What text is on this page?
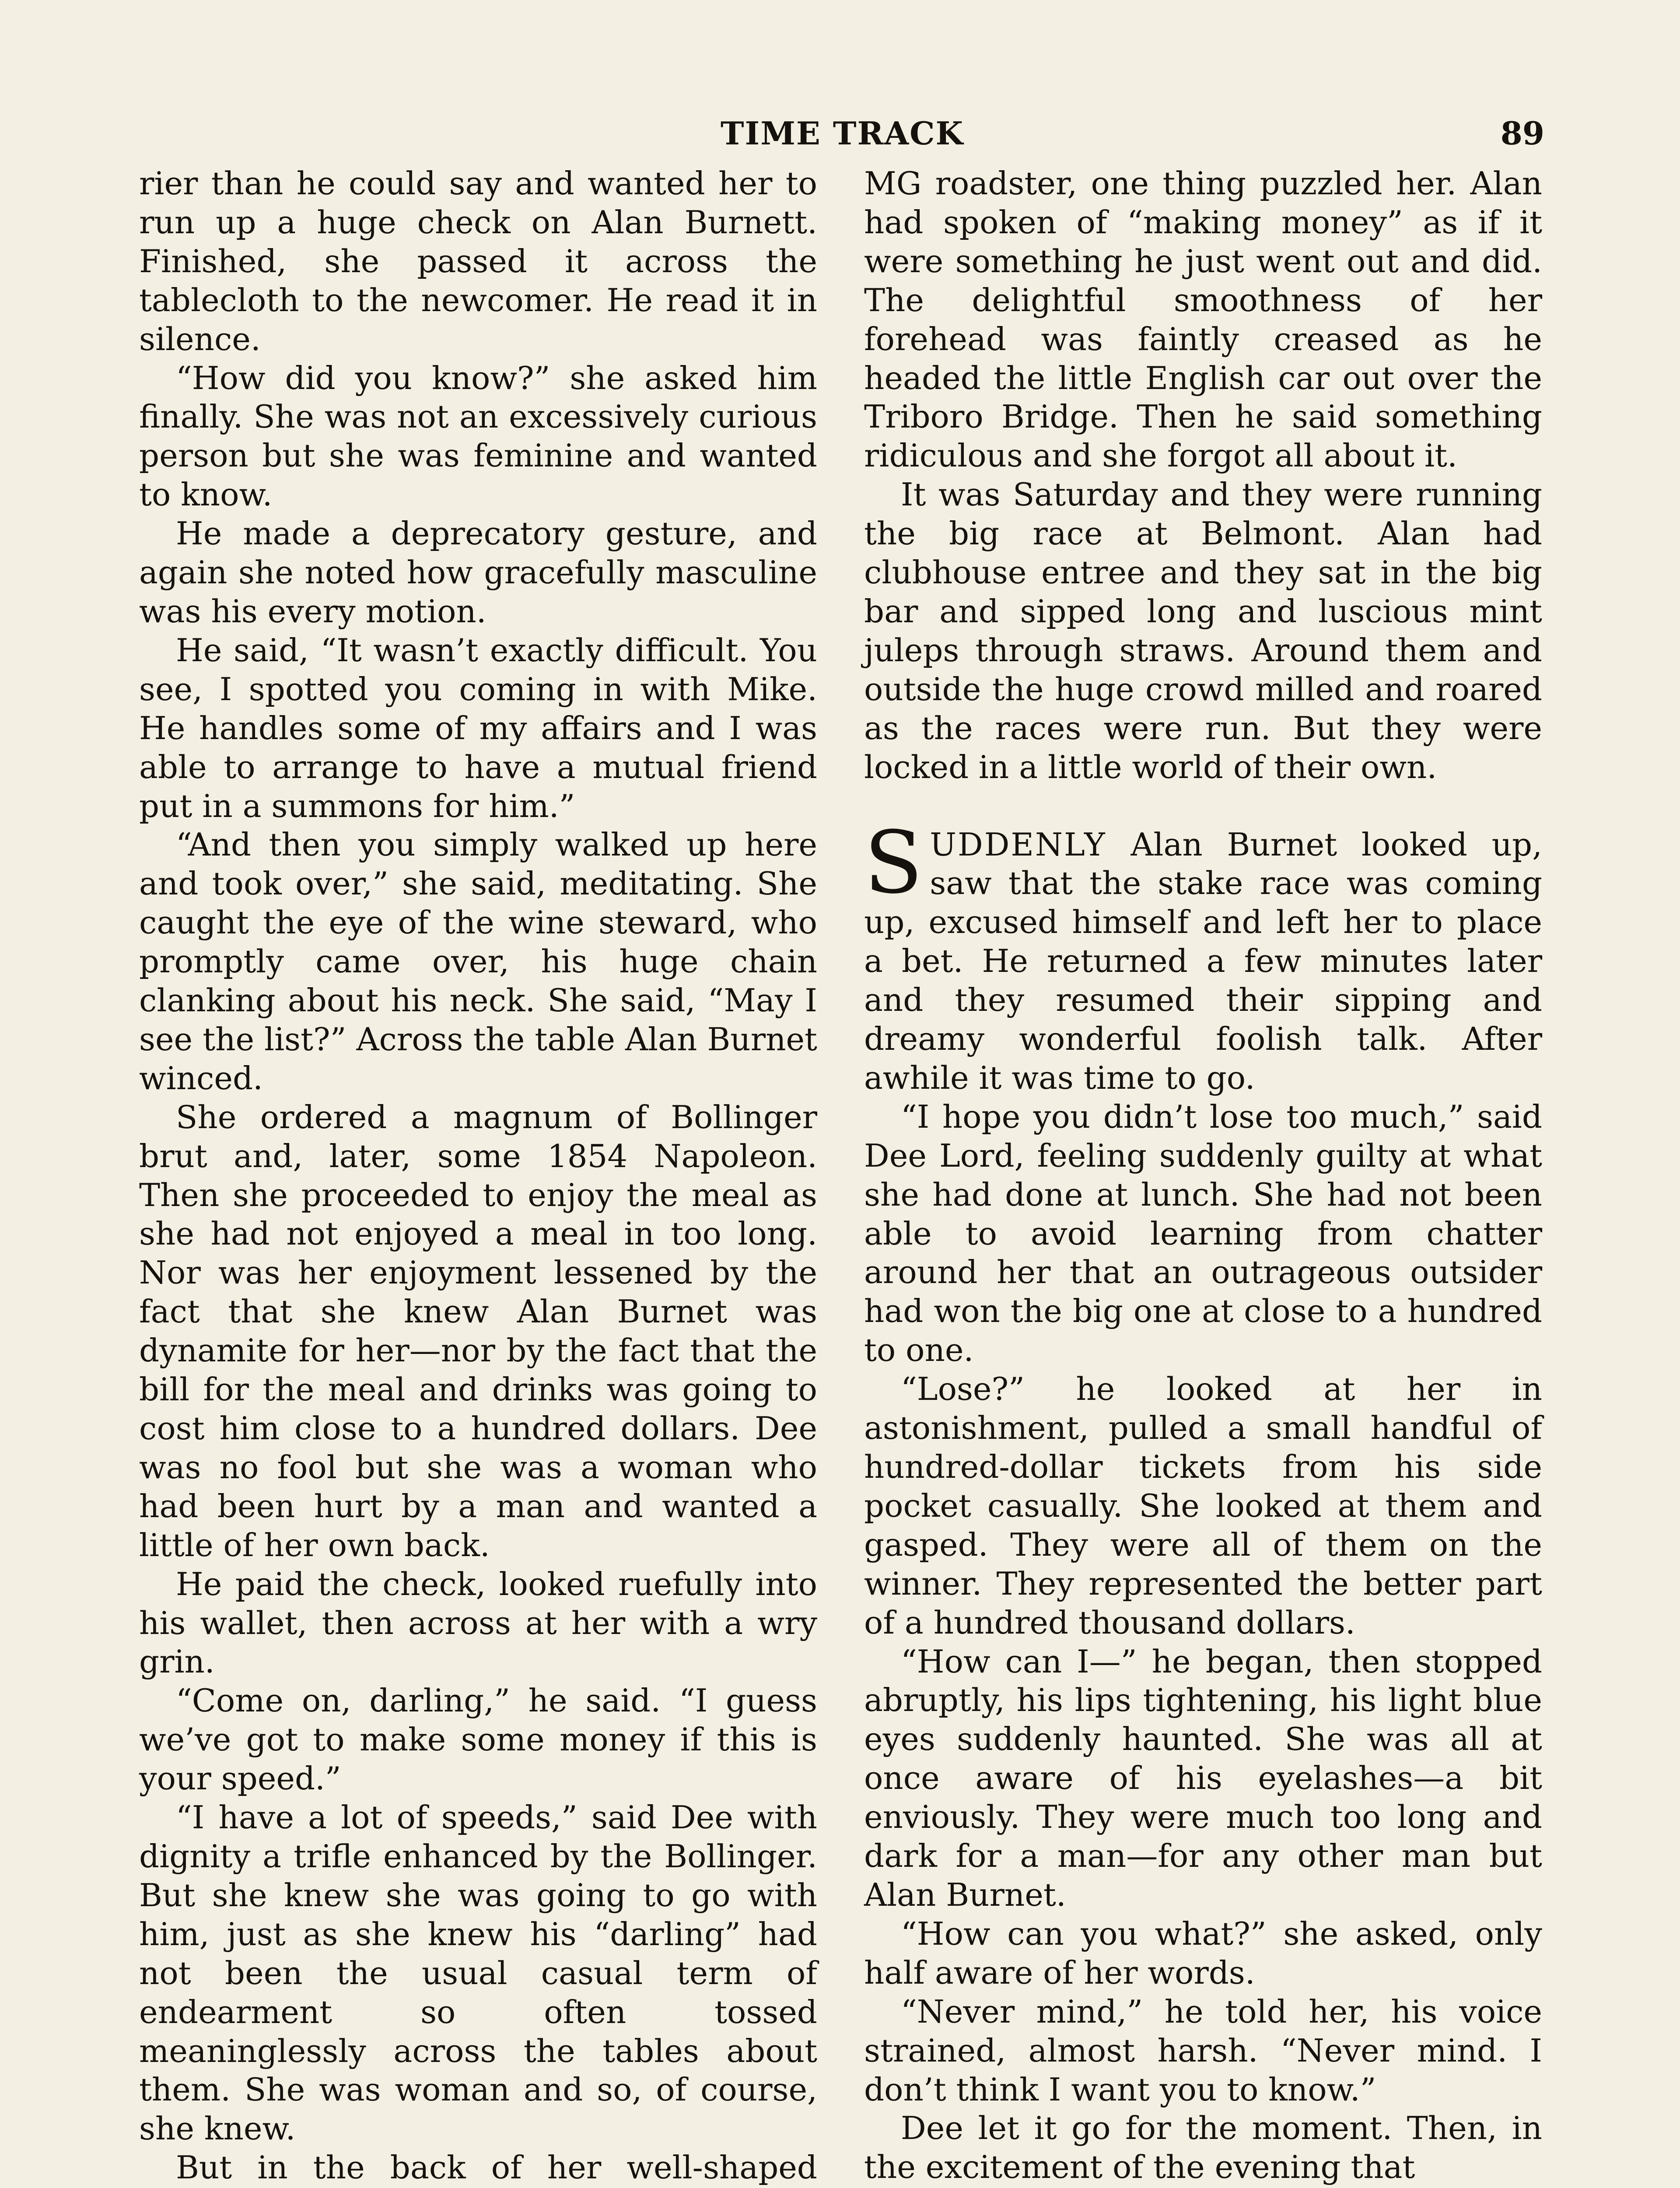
TIME TRACK	89

rier than he could say and wanted her to run up a huge check on Alan Burnett. Finished, she passed it across the tablecloth to the newcomer. He read it in silence.

“How did you know?” she asked him finally. She was not an excessively curious person but she was feminine and wanted to know.

He made a deprecatory gesture, and again she noted how gracefully masculine was his every motion.

He said, “It wasn’t exactly difficult. You see, I spotted you coming in with Mike. He handles some of my affairs and I was able to arrange to have a mutual friend put in a summons for him.”

“And then you simply walked up here and took over,” she said, meditating. She caught the eye of the wine steward, who promptly came over, his huge chain clanking about his neck. She said, “May I see the list?” Across the table Alan Burnet winced.

She ordered a magnum of Bollinger brut and, later, some 1854 Napoleon. Then she proceeded to enjoy the meal as she had not enjoyed a meal in too long. Nor was her enjoyment lessened by the fact that she knew Alan Burnet was dynamite for her—nor by the fact that the bill for the meal and drinks was going to cost him close to a hundred dollars. Dee was no fool but she was a woman who had been hurt by a man and wanted a little of her own back.

He paid the check, looked ruefully into his wallet, then across at her with a wry grin.

“Come on, darling,” he said. “I guess we’ve got to make some money if this is your speed.”

“I have a lot of speeds,” said Dee with dignity a trifle enhanced by the Bollinger. But she knew she was going to go with him, just as she knew his “darling” had not been the usual casual term of endearment so often tossed meaninglessly across the tables about them. She was woman and so, of course, she knew.

But in the back of her well-shaped

MG roadster, one thing puzzled her. Alan had spoken of “making money” as if it were something he just went out and did. The delightful smoothness of her forehead was faintly creased as he headed the little English car out over the Triboro Bridge. Then he said something ridiculous and she forgot all about it.

It was Saturday and they were running the big race at Belmont. Alan had clubhouse entree and they sat in the big bar and sipped long and luscious mint juleps through straws. Around them and outside the huge crowd milled and roared as the races were run. But they were locked in a little world of their own.

SUDDENLY Alan Burnet looked up, saw that the stake race was coming up, excused himself and left her to place a bet. He returned a few minutes later and they resumed their sipping and dreamy wonderful foolish talk. After awhile it was time to go.

“I hope you didn’t lose too much,” said Dee Lord, feeling suddenly guilty at what she had done at lunch. She had not been able to avoid learning from chatter around her that an outrageous outsider had won the big one at close to a hundred to one.

“Lose?” he looked at her in astonishment, pulled a small handful of hundred-dollar tickets from his side pocket casually. She looked at them and gasped. They were all of them on the winner. They represented the better part of a hundred thousand dollars.

“How can I—” he began, then stopped abruptly, his lips tightening, his light blue eyes suddenly haunted. She was all at once aware of his eyelashes—a bit enviously. They were much too long and dark for a man—for any other man but Alan Burnet.

“How can you what?” she asked, only half aware of her words.

“Never mind,” he told her, his voice strained, almost harsh. “Never mind. I don’t think I want you to know.”

Dee let it go for the moment. Then, in the excitement of the evening that
